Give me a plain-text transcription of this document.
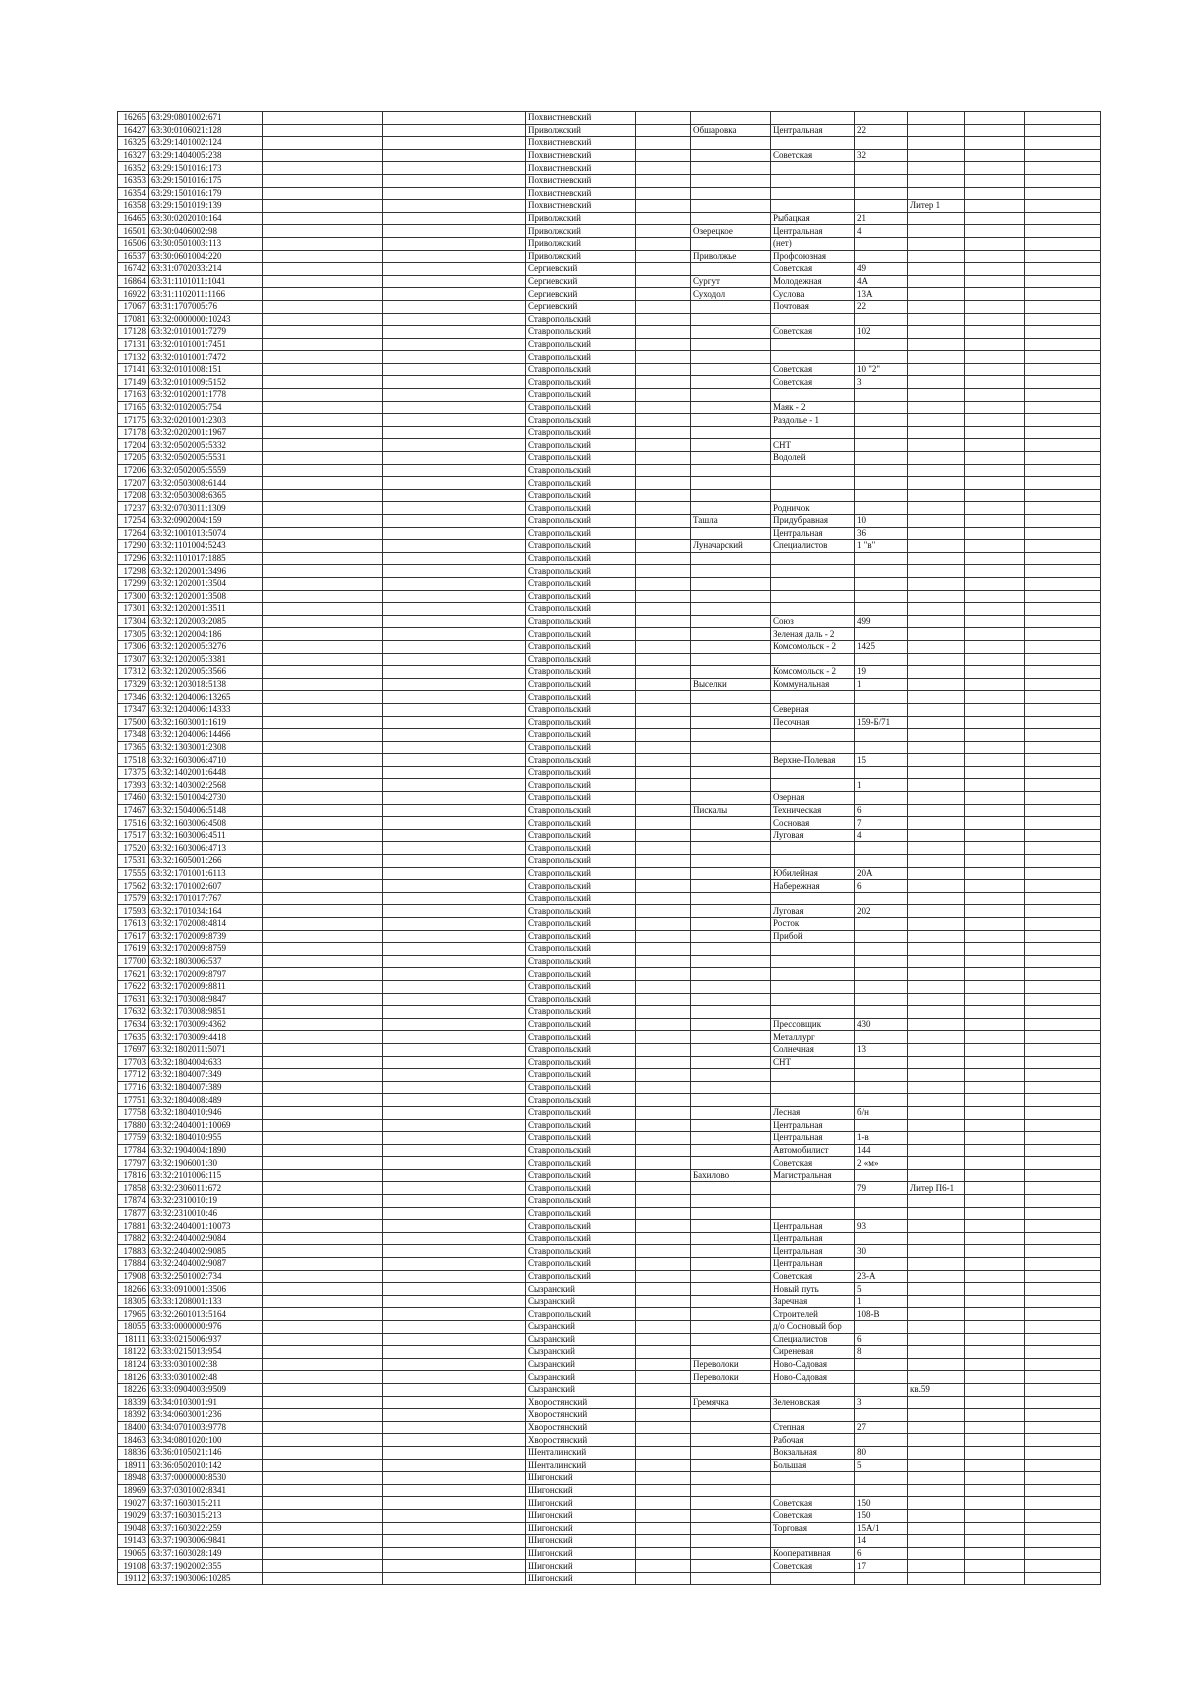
16265	63:29:0801002:671			Похвистневский							
16427	63:30:0106021:128			Приволжский		Обшаровка	Центральная	22			
16325	63:29:1401002:124			Похвистневский							
16327	63:29:1404005:238			Похвистневский			Советская	32			
16352	63:29:1501016:173			Похвистневский							
16353	63:29:1501016:175			Похвистневский							
16354	63:29:1501016:179			Похвистневский							
16358	63:29:1501019:139			Похвистневский					Литер 1		
16465	63:30:0202010:164			Приволжский			Рыбацкая	21			
16501	63:30:0406002:98			Приволжский		Озерецкое	Центральная	4			
16506	63:30:0501003:113			Приволжский			(нет)				
16537	63:30:0601004:220			Приволжский		Приволжье	Профсоюзная				
16742	63:31:0702033:214			Сергиевский			Советская	49			
16864	63:31:1101011:1041			Сергиевский		Сургут	Молодежная	4А			
16922	63:31:1102011:1166			Сергиевский		Суходол	Суслова	13А			
17067	63:31:1707005:76			Сергиевский			Почтовая	22			
17081	63:32:0000000:10243			Ставропольский							
17128	63:32:0101001:7279			Ставропольский			Советская	102			
17131	63:32:0101001:7451			Ставропольский							
17132	63:32:0101001:7472			Ставропольский							
17141	63:32:0101008:151			Ставропольский			Советская	10 "2"			
17149	63:32:0101009:5152			Ставропольский			Советская	3			
17163	63:32:0102001:1778			Ставропольский							
17165	63:32:0102005:754			Ставропольский			Маяк - 2				
17175	63:32:0201001:2303			Ставропольский			Раздолье - 1				
17178	63:32:0202001:1967			Ставропольский							
17204	63:32:0502005:5332			Ставропольский			СНТ				
17205	63:32:0502005:5531			Ставропольский			Водолей				
17206	63:32:0502005:5559			Ставропольский							
17207	63:32:0503008:6144			Ставропольский							
17208	63:32:0503008:6365			Ставропольский							
17237	63:32:0703011:1309			Ставропольский			Родничок				
17254	63:32:0902004:159			Ставропольский		Ташла	Придубравная	10			
17264	63:32:1001013:5074			Ставропольский			Центральная	36			
17290	63:32:1101004:5243			Ставропольский		Луначарский	Специалистов	1 "в"			
17296	63:32:1101017:1885			Ставропольский							
17298	63:32:1202001:3496			Ставропольский							
17299	63:32:1202001:3504			Ставропольский							
17300	63:32:1202001:3508			Ставропольский							
17301	63:32:1202001:3511			Ставропольский							
17304	63:32:1202003:2085			Ставропольский			Союз	499			
17305	63:32:1202004:186			Ставропольский			Зеленая даль - 2				
17306	63:32:1202005:3276			Ставропольский			Комсомольск - 2	1425			
17307	63:32:1202005:3381			Ставропольский							
17312	63:32:1202005:3566			Ставропольский			Комсомольск - 2	19			
17329	63:32:1203018:5138			Ставропольский		Выселки	Коммунальная	1			
17346	63:32:1204006:13265			Ставропольский							
17347	63:32:1204006:14333			Ставропольский			Северная				
17500	63:32:1603001:1619			Ставропольский			Песочная	159-Б/71			
17348	63:32:1204006:14466			Ставропольский							
17365	63:32:1303001:2308			Ставропольский							
17518	63:32:1603006:4710			Ставропольский			Верхне-Полевая	15			
17375	63:32:1402001:6448			Ставропольский							
17393	63:32:1403002:2568			Ставропольский				1			
17460	63:32:1501004:2730			Ставропольский			Озерная				
17467	63:32:1504006:5148			Ставропольский		Пискалы	Техническая	6			
17516	63:32:1603006:4508			Ставропольский			Сосновая	7			
17517	63:32:1603006:4511			Ставропольский			Луговая	4			
17520	63:32:1603006:4713			Ставропольский							
17531	63:32:1605001:266			Ставропольский							
17555	63:32:1701001:6113			Ставропольский			Юбилейная	20А			
17562	63:32:1701002:607			Ставропольский			Набережная	6			
17579	63:32:1701017:767			Ставропольский							
17593	63:32:1701034:164			Ставропольский			Луговая	202			
17613	63:32:1702008:4814			Ставропольский			Росток				
17617	63:32:1702009:8739			Ставропольский			Прибой				
17619	63:32:1702009:8759			Ставропольский							
17700	63:32:1803006:537			Ставропольский							
17621	63:32:1702009:8797			Ставропольский							
17622	63:32:1702009:8811			Ставропольский							
17631	63:32:1703008:9847			Ставропольский							
17632	63:32:1703008:9851			Ставропольский							
17634	63:32:1703009:4362			Ставропольский			Прессовщик	430			
17635	63:32:1703009:4418			Ставропольский			Металлург				
17697	63:32:1802011:5071			Ставропольский			Солнечная	13			
17703	63:32:1804004:633			Ставропольский			СНТ				
17712	63:32:1804007:349			Ставропольский							
17716	63:32:1804007:389			Ставропольский							
17751	63:32:1804008:489			Ставропольский							
17758	63:32:1804010:946			Ставропольский			Лесная	б/н			
17880	63:32:2404001:10069			Ставропольский			Центральная				
17759	63:32:1804010:955			Ставропольский			Центральная	1-в			
17784	63:32:1904004:1890			Ставропольский			Автомобилист	144			
17797	63:32:1906001:30			Ставропольский			Советская	2 «м»			
17816	63:32:2101006:115			Ставропольский		Бахилово	Магистральная				
17858	63:32:2306011:672			Ставропольский				79	Литер П6-1		
17874	63:32:2310010:19			Ставропольский							
17877	63:32:2310010:46			Ставропольский							
17881	63:32:2404001:10073			Ставропольский			Центральная	93			
17882	63:32:2404002:9084			Ставропольский			Центральная				
17883	63:32:2404002:9085			Ставропольский			Центральная	30			
17884	63:32:2404002:9087			Ставропольский			Центральная				
17908	63:32:2501002:734			Ставропольский			Советская	23-А			
18266	63:33:0910001:3506			Сызранский			Новый путь	5			
18305	63:33:1208001:133			Сызранский			Заречная	1			
17965	63:32:2601013:5164			Ставропольский			Строителей	108-В			
18055	63:33:0000000:976			Сызранский			д/о Сосновый бор				
18111	63:33:0215006:937			Сызранский			Специалистов	6			
18122	63:33:0215013:954			Сызранский			Сиреневая	8			
18124	63:33:0301002:38			Сызранский		Переволоки	Ново-Садовая				
18126	63:33:0301002:48			Сызранский		Переволоки	Ново-Садовая				
18226	63:33:0904003:9509			Сызранский					кв.59		
18339	63:34:0103001:91			Хворостянский		Гремячка	Зеленовская	3			
18392	63:34:0603001:236			Хворостянский							
18400	63:34:0701003:9778			Хворостянский			Степная	27			
18463	63:34:0801020:100			Хворостянский			Рабочая				
18836	63:36:0105021:146			Шенталинский			Вокзальная	80			
18911	63:36:0502010:142			Шенталинский			Большая	5			
18948	63:37:0000000:8530			Шигонский							
18969	63:37:0301002:8341			Шигонский							
19027	63:37:1603015:211			Шигонский			Советская	150			
19029	63:37:1603015:213			Шигонский			Советская	150			
19048	63:37:1603022:259			Шигонский			Торговая	15А/1			
19143	63:37:1903006:9841			Шигонский				14			
19065	63:37:1603028:149			Шигонский			Кооперативная	6			
19108	63:37:1902002:355			Шигонский			Советская	17			
19112	63:37:1903006:10285			Шигонский							
